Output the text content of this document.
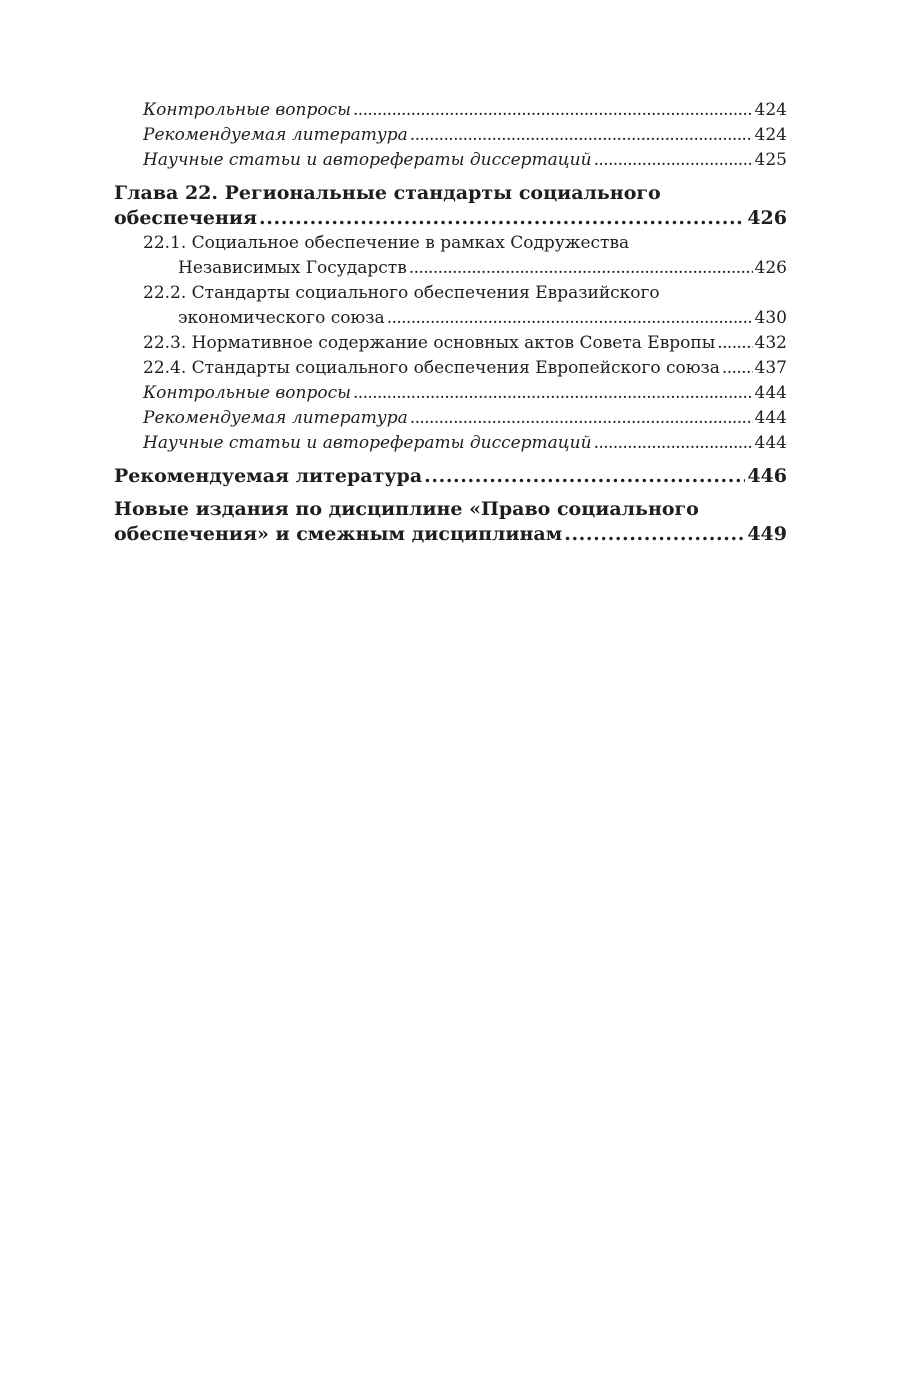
Контрольные вопросы . . .	424
Рекомендуемая литература . . .	424
Научные статьи и авторефераты диссертаций . . .	425
Глава 22. Региональные стандарты социального
обеспечения . . .	426
22.1. Социальное обеспечение в рамках Содружества
Независимых Государств . . .	426
22.2. Стандарты социального обеспечения Евразийского
экономического союза . . .	430
22.3. Нормативное содержание основных актов Совета Европы . . . 432
22.4. Стандарты социального обеспечения Европейского союза . . . 437
Контрольные вопросы . . .	444
Рекомендуемая литература . . .	444
Научные статьи и авторефераты диссертаций . . .	444
Рекомендуемая литература . . .	446
Новые издания по дисциплине «Право социального
обеспечения» и смежным дисциплинам . . .	449
